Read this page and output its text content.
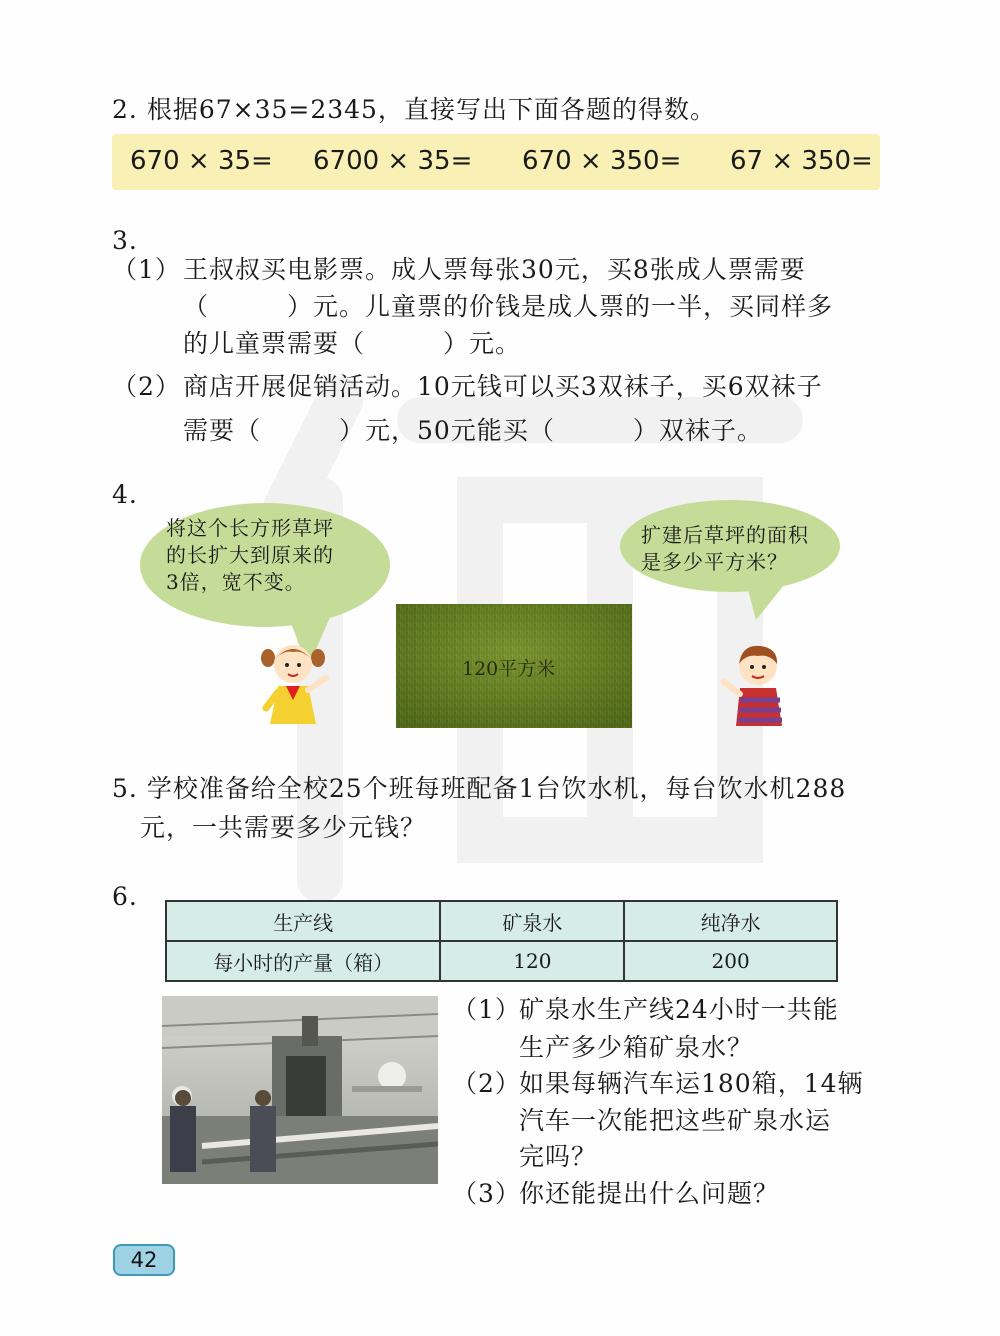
2. 根据67×35=2345，直接写出下面各题的得数。
670 × 35= 6700 × 35= 670 × 350= 67 × 350=
3.
（1） 王叔叔买电影票。成人票每张30元，买8张成人票需要
（　　　）元。儿童票的价钱是成人票的一半，买同样多
的儿童票需要（　　　）元。
（2） 商店开展促销活动。10元钱可以买3双袜子，买6双袜子
需要（　　　）元，50元能买（　　　）双袜子。
4.
将这个长方形草坪
的长扩大到原来的
3倍，宽不变。
扩建后草坪的面积
是多少平方米？
120平方米
5. 学校准备给全校25个班每班配备1台饮水机，每台饮水机288
元，一共需要多少元钱？
6.
生产线	矿泉水	纯净水
每小时的产量（箱）	120	200
（1）
矿泉水生产线24小时一共能
生产多少箱矿泉水？
（2）
如果每辆汽车运180箱，14辆
汽车一次能把这些矿泉水运
完吗？
（3）
你还能提出什么问题？
42
